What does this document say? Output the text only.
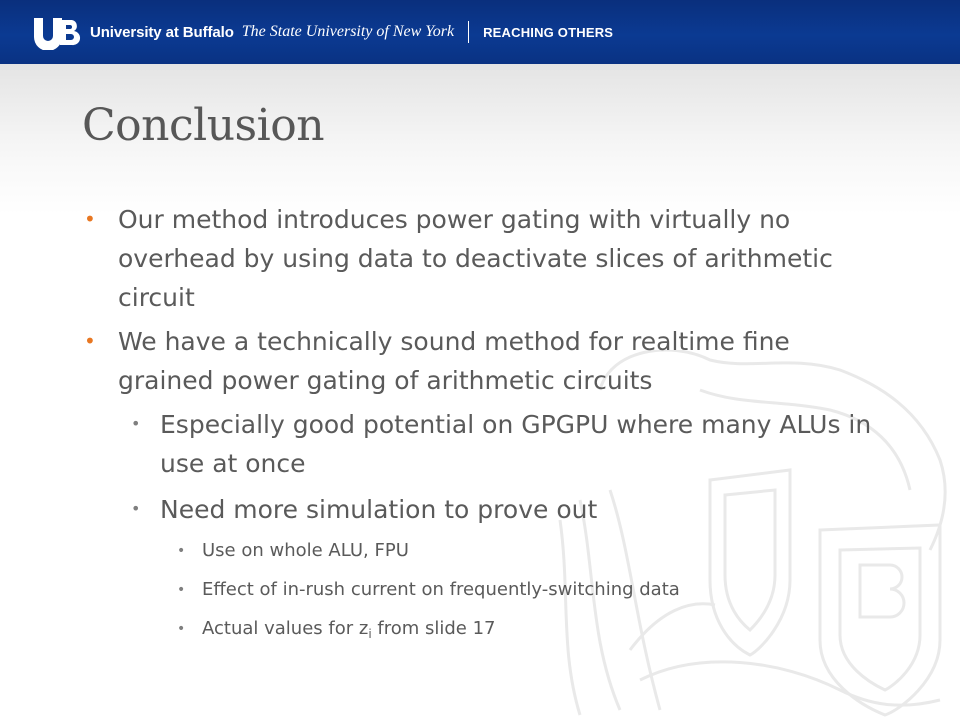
University at Buffalo The State University of New York REACHING OTHERS
Conclusion
• Our method introduces power gating with virtually no overhead by using data to deactivate slices of arithmetic circuit
• We have a technically sound method for realtime fine grained power gating of arithmetic circuits
• Especially good potential on GPGPU where many ALUs in use at once
• Need more simulation to prove out
• Use on whole ALU, FPU
• Effect of in-rush current on frequently-switching data
• Actual values for $z_i$ from slide 17
